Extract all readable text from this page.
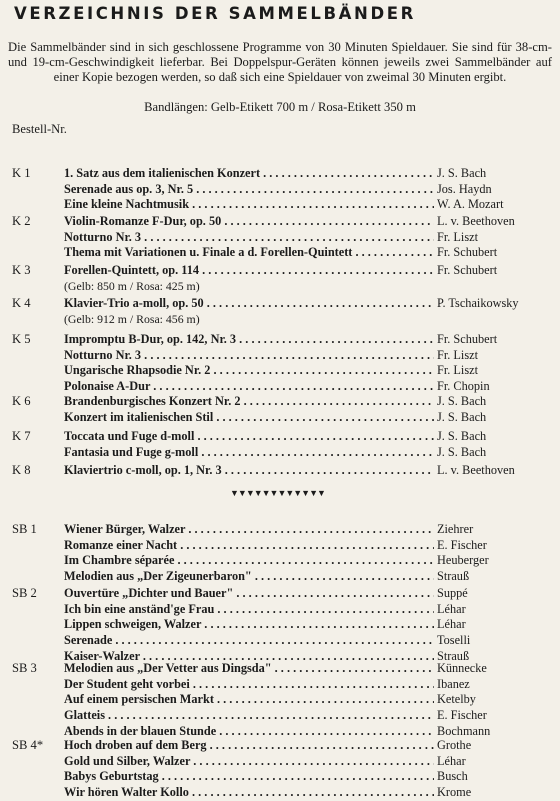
VERZEICHNIS DER SAMMELBÄNDER

Die Sammelbänder sind in sich geschlossene Programme von 30 Minuten Spieldauer. Sie sind für 38-cm- und 19-cm-Geschwindigkeit lieferbar. Bei Doppelspur-Geräten können jeweils zwei Sammelbänder auf einer Kopie bezogen werden, so daß sich eine Spieldauer von zweimal 30 Minuten ergibt.

Bandlängen: Gelb-Etikett 700 m / Rosa-Etikett 350 m
Bestell-Nr.
K 1	1. Satz aus dem italienischen Konzert . . .	J. S. Bach
Serenade aus op. 3, Nr. 5 . . .	Jos. Haydn
Eine kleine Nachtmusik . . .	W. A. Mozart
K 2	Violin-Romanze F-Dur, op. 50 . . .	L. v. Beethoven
Notturno Nr. 3 . . .	Fr. Liszt
Thema mit Variationen u. Finale a d. Forellen-Quintett . . .	Fr. Schubert
K 3	Forellen-Quintett, op. 114 . . .	Fr. Schubert
(Gelb: 850 m / Rosa: 425 m)
K 4	Klavier-Trio a-moll, op. 50 . . .	P. Tschaikowsky
(Gelb: 912 m / Rosa: 456 m)
K 5	Impromptu B-Dur, op. 142, Nr. 3 . . .	Fr. Schubert
Notturno Nr. 3 . . .	Fr. Liszt
Ungarische Rhapsodie Nr. 2 . . .	Fr. Liszt
Polonaise A-Dur . . .	Fr. Chopin
K 6	Brandenburgisches Konzert Nr. 2 . . .	J. S. Bach
Konzert im italienischen Stil . . .	J. S. Bach
K 7	Toccata und Fuge d-moll . . .	J. S. Bach
Fantasia und Fuge g-moll . . .	J. S. Bach
K 8	Klaviertrio c-moll, op. 1, Nr. 3 . . .	L. v. Beethoven
SB 1 Wiener Bürger, Walzer . . .	Ziehrer
Romanze einer Nacht . . .	E. Fischer
Im Chambre séparée . . .	Heuberger
Melodien aus „Der Zigeunerbaron" . . .	Strauß
SB 2 Ouvertüre „Dichter und Bauer" . . .	Suppé
Ich bin eine anständ'ge Frau . . .	Léhar
Lippen schweigen, Walzer . . .	Léhar
Serenade . . .	Toselli
Kaiser-Walzer . . .	Strauß
SB 3 Melodien aus „Der Vetter aus Dingsda" . . .	Künnecke
Der Student geht vorbei . . .	Ibanez
Auf einem persischen Markt . . .	Ketelby
Glatteis . . .	E. Fischer
Abends in der blauen Stunde . . .	Bochmann
SB 4* Hoch droben auf dem Berg . . .	Grothe
Gold und Silber, Walzer . . .	Léhar
Babys Geburtstag . . .	Busch
Wir hören Walter Kollo . . .	Krome
▼▼▼▼▼▼▼▼▼▼▼▼
